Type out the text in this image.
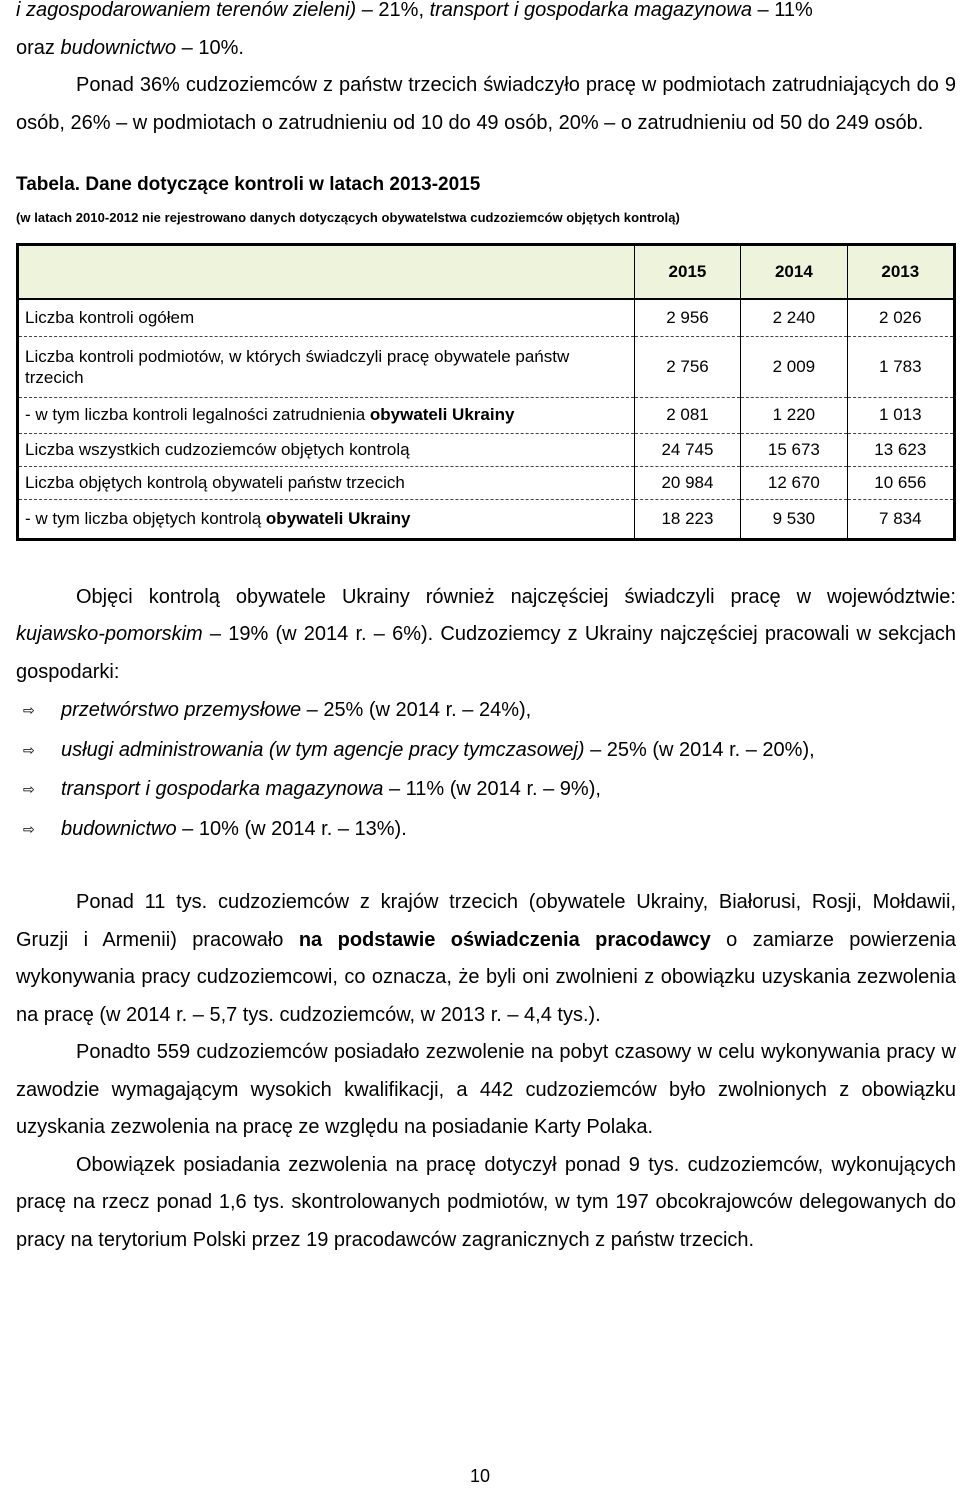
i zagospodarowaniem terenów zieleni) – 21%, transport i gospodarka magazynowa – 11%
oraz budownictwo – 10%.

Ponad 36% cudzoziemców z państw trzecich świadczyło pracę w podmiotach zatrudniających do 9 osób, 26% – w podmiotach o zatrudnieniu od 10 do 49 osób, 20% – o zatrudnieniu od 50 do 249 osób.

Tabela. Dane dotyczące kontroli w latach 2013-2015
(w latach 2010-2012 nie rejestrowano danych dotyczących obywatelstwa cudzoziemców objętych kontrolą)
	2015	2014	2013
Liczba kontroli ogółem	2 956	2 240	2 026
Liczba kontroli podmiotów, w których świadczyli pracę obywatele państw trzecich	2 756	2 009	1 783
- w tym liczba kontroli legalności zatrudnienia obywateli Ukrainy	2 081	1 220	1 013
Liczba wszystkich cudzoziemców objętych kontrolą	24 745	15 673	13 623
Liczba objętych kontrolą obywateli państw trzecich	20 984	12 670	10 656
- w tym liczba objętych kontrolą obywateli Ukrainy	18 223	9 530	7 834

Objęci kontrolą obywatele Ukrainy również najczęściej świadczyli pracę w województwie: kujawsko-pomorskim – 19% (w 2014 r. – 6%). Cudzoziemcy z Ukrainy najczęściej pracowali w sekcjach gospodarki:

⇨ przetwórstwo przemysłowe – 25% (w 2014 r. – 24%),
⇨ usługi administrowania (w tym agencje pracy tymczasowej) – 25% (w 2014 r. – 20%),
⇨ transport i gospodarka magazynowa – 11% (w 2014 r. – 9%),
⇨ budownictwo – 10% (w 2014 r. – 13%).

Ponad 11 tys. cudzoziemców z krajów trzecich (obywatele Ukrainy, Białorusi, Rosji, Mołdawii, Gruzji i Armenii) pracowało na podstawie oświadczenia pracodawcy o zamiarze powierzenia wykonywania pracy cudzoziemcowi, co oznacza, że byli oni zwolnieni z obowiązku uzyskania zezwolenia na pracę (w 2014 r. – 5,7 tys. cudzoziemców, w 2013 r. – 4,4 tys.).

Ponadto 559 cudzoziemców posiadało zezwolenie na pobyt czasowy w celu wykonywania pracy w zawodzie wymagającym wysokich kwalifikacji, a 442 cudzoziemców było zwolnionych z obowiązku uzyskania zezwolenia na pracę ze względu na posiadanie Karty Polaka.

Obowiązek posiadania zezwolenia na pracę dotyczył ponad 9 tys. cudzoziemców, wykonujących pracę na rzecz ponad 1,6 tys. skontrolowanych podmiotów, w tym 197 obcokrajowców delegowanych do pracy na terytorium Polski przez 19 pracodawców zagranicznych z państw trzecich.

10
